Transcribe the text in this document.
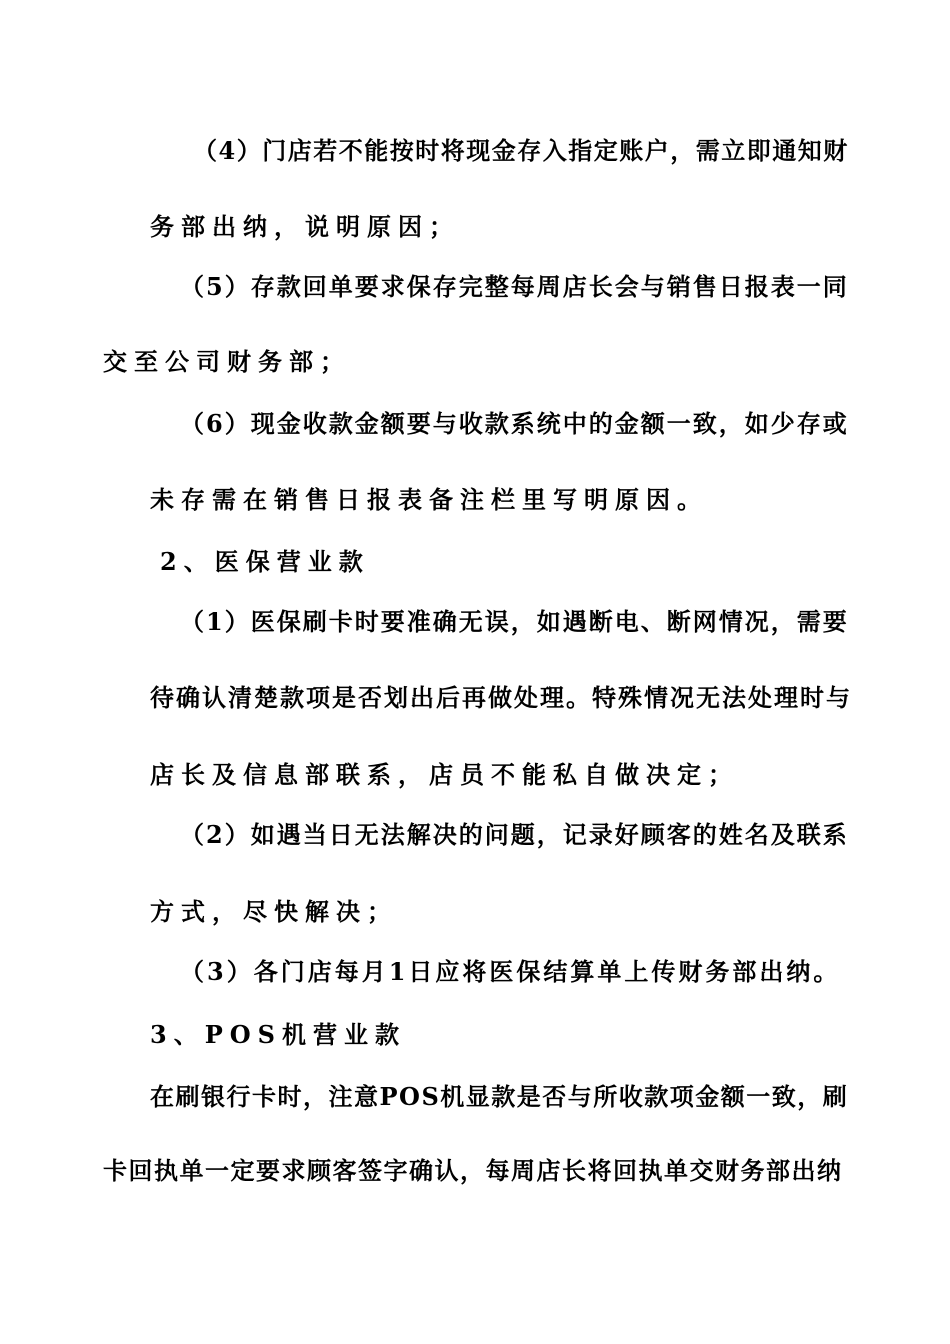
（4）门店若不能按时将现金存入指定账户，需立即通知财

务部出纳，说明原因；

（5）存款回单要求保存完整每周店长会与销售日报表一同

交至公司财务部；

（6）现金收款金额要与收款系统中的金额一致，如少存或

未存需在销售日报表备注栏里写明原因。

2、医保营业款

（1）医保刷卡时要准确无误，如遇断电、断网情况，需要

待确认清楚款项是否划出后再做处理。特殊情况无法处理时与

店长及信息部联系，店员不能私自做决定；

（2）如遇当日无法解决的问题，记录好顾客的姓名及联系

方式，尽快解决；

（3）各门店每月1日应将医保结算单上传财务部出纳。

3、POS机营业款

在刷银行卡时，注意POS机显款是否与所收款项金额一致，刷

卡回执单一定要求顾客签字确认，每周店长将回执单交财务部出纳
